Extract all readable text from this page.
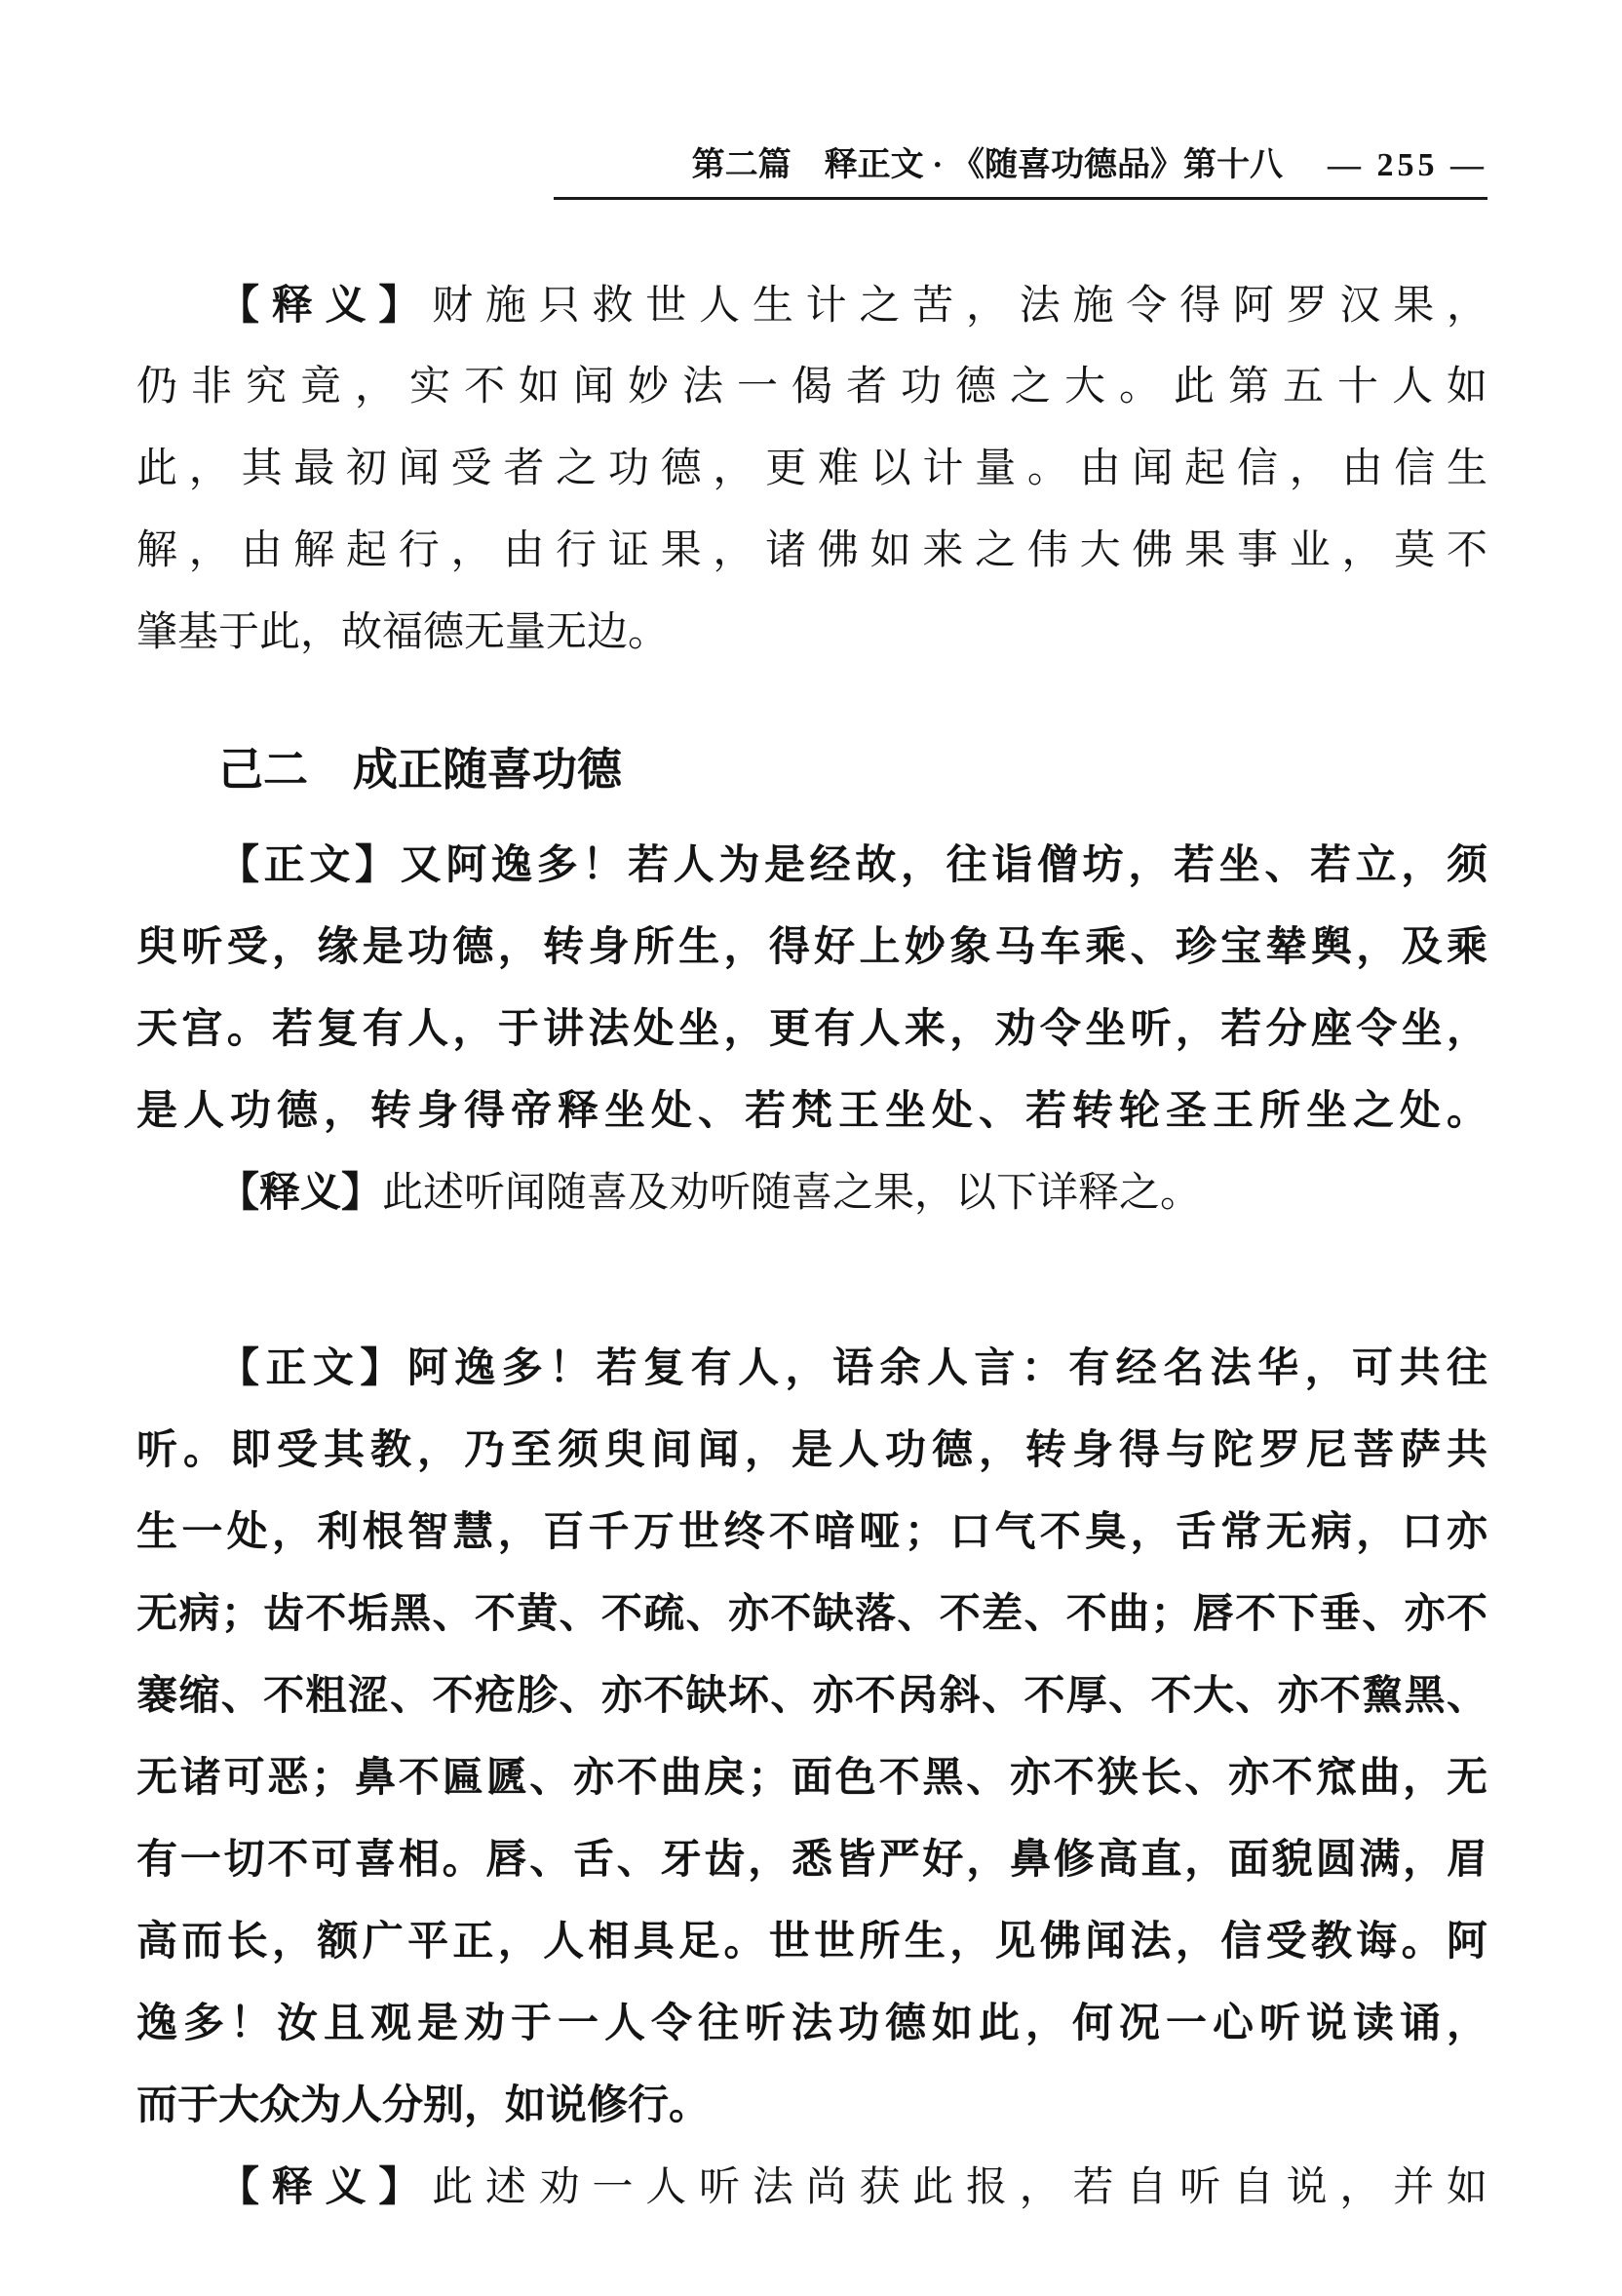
第二篇　释正文 · 《随喜功德品》第十八 — 255 —
【释义】财施只救世人生计之苦，法施令得阿罗汉果，
仍非究竟，实不如闻妙法一偈者功德之大。此第五十人如
此，其最初闻受者之功德，更难以计量。由闻起信，由信生
解，由解起行，由行证果，诸佛如来之伟大佛果事业，莫不
肇基于此，故福德无量无边。
己二　成正随喜功德
【正文】又阿逸多！若人为是经故，往诣僧坊，若坐、若立，须
臾听受，缘是功德，转身所生，得好上妙象马车乘、珍宝辇舆，及乘
天宫。若复有人，于讲法处坐，更有人来，劝令坐听，若分座令坐，
是人功德，转身得帝释坐处、若梵王坐处、若转轮圣王所坐之处。
【释义】此述听闻随喜及劝听随喜之果，以下详释之。
【正文】阿逸多！若复有人，语余人言：有经名法华，可共往
听。即受其教，乃至须臾间闻，是人功德，转身得与陀罗尼菩萨共
生一处，利根智慧，百千万世终不喑哑；口气不臭，舌常无病，口亦
无病；齿不垢黑、不黄、不疏、亦不缺落、不差、不曲；唇不下垂、亦不
褰缩、不粗涩、不疮胗、亦不缺坏、亦不呙斜、不厚、不大、亦不黧黑、
无诸可恶；鼻不匾㔸、亦不曲戾；面色不黑、亦不狭长、亦不窊曲，无
有一切不可喜相。唇、舌、牙齿，悉皆严好，鼻修高直，面貌圆满，眉
高而长，额广平正，人相具足。世世所生，见佛闻法，信受教诲。阿
逸多！汝且观是劝于一人令往听法功德如此，何况一心听说读诵，
而于大众为人分别，如说修行。
【释义】此述劝一人听法尚获此报，若自听自说，并如
